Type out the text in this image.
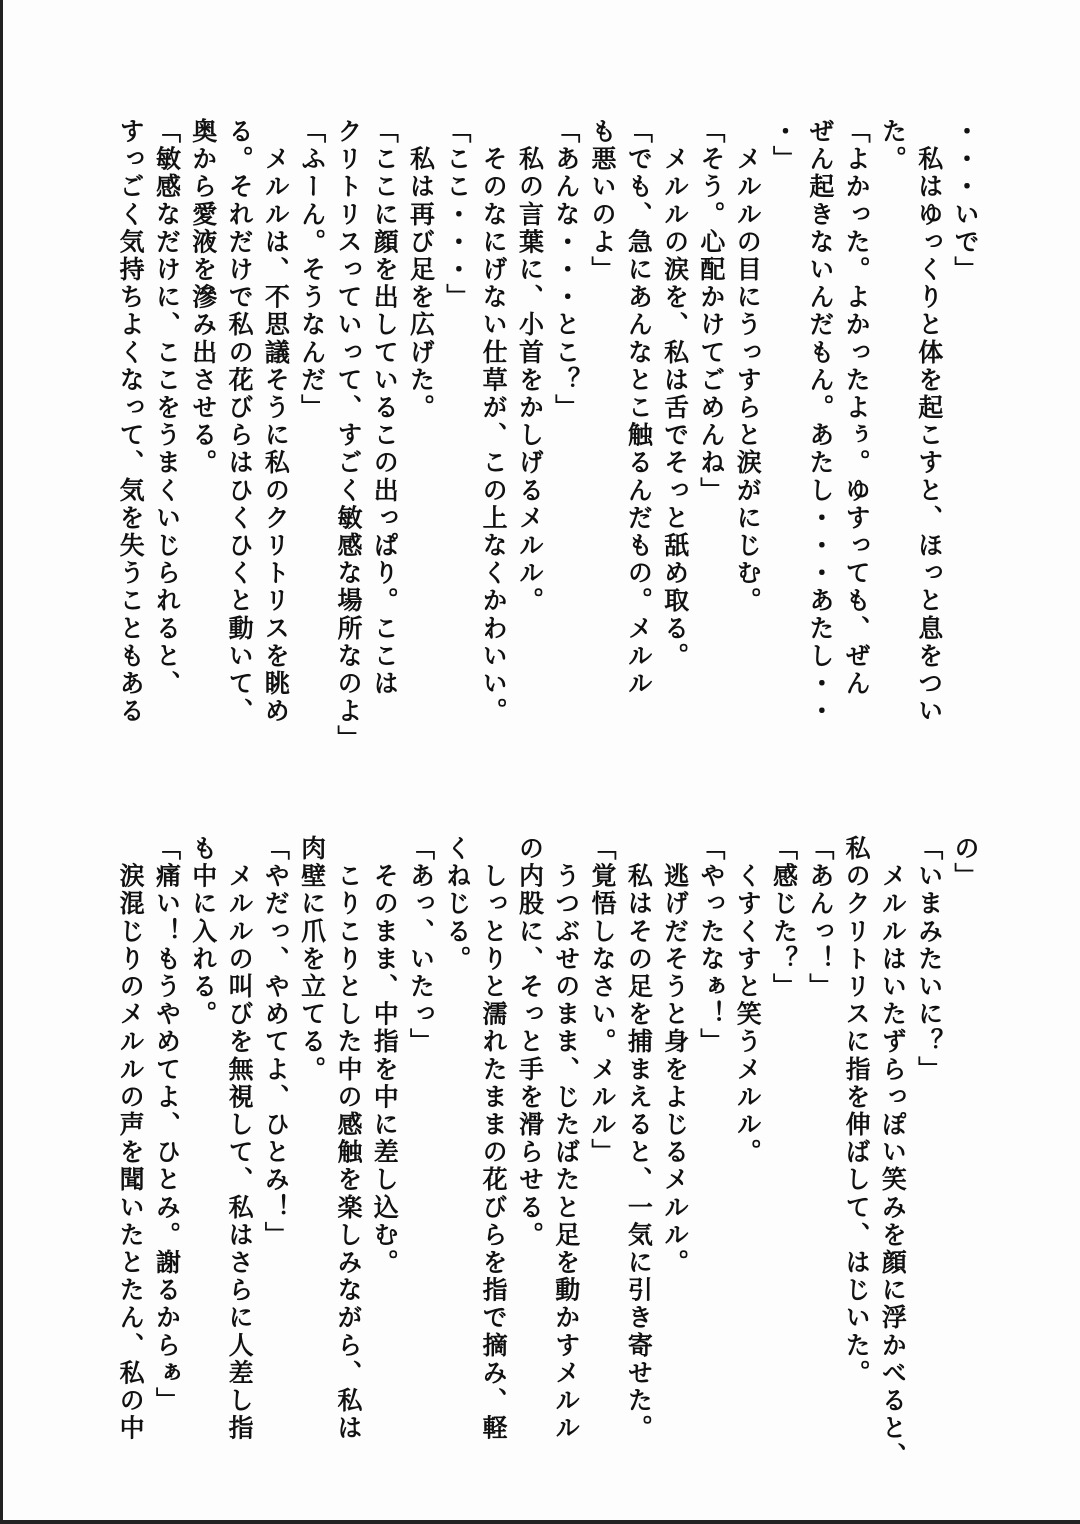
・・・いで」
　私はゆっくりと体を起こすと、ほっと息をつい
た。
「よかった。よかったよぅ。ゆすっても、ぜん
ぜん起きないんだもん。あたし・・・あたし・・
・」
　メルルの目にうっすらと涙がにじむ。
「そう。心配かけてごめんね」
　メルルの涙を、私は舌でそっと舐め取る。
「でも、急にあんなとこ触るんだもの。メルル
も悪いのよ」
「あんな・・・とこ？」
　私の言葉に、小首をかしげるメルル。
　そのなにげない仕草が、この上なくかわいい。
「ここ・・・」
　私は再び足を広げた。
「ここに顔を出しているこの出っぱり。ここは
クリトリスっていって、すごく敏感な場所なのよ」
「ふーん。そうなんだ」
　メルルは、不思議そうに私のクリトリスを眺め
る。それだけで私の花びらはひくひくと動いて、
奥から愛液を滲み出させる。
「敏感なだけに、ここをうまくいじられると、
すっごく気持ちよくなって、気を失うこともある
の」
「いまみたいに？」
　メルルはいたずらっぽい笑みを顔に浮かべると、
私のクリトリスに指を伸ばして、はじいた。
「あんっ！」
「感じた？」
　くすくすと笑うメルル。
「やったなぁ！」
　逃げだそうと身をよじるメルル。
　私はその足を捕まえると、一気に引き寄せた。
「覚悟しなさい。メルル」
　うつぶせのまま、じたばたと足を動かすメルル
の内股に、そっと手を滑らせる。
　しっとりと濡れたままの花びらを指で摘み、軽
くねじる。
「あっ、いたっ」
　そのまま、中指を中に差し込む。
　こりこりとした中の感触を楽しみながら、私は
肉壁に爪を立てる。
「やだっ、やめてよ、ひとみ！」
　メルルの叫びを無視して、私はさらに人差し指
も中に入れる。
「痛い！もうやめてよ、ひとみ。謝るからぁ」
　涙混じりのメルルの声を聞いたとたん、私の中
